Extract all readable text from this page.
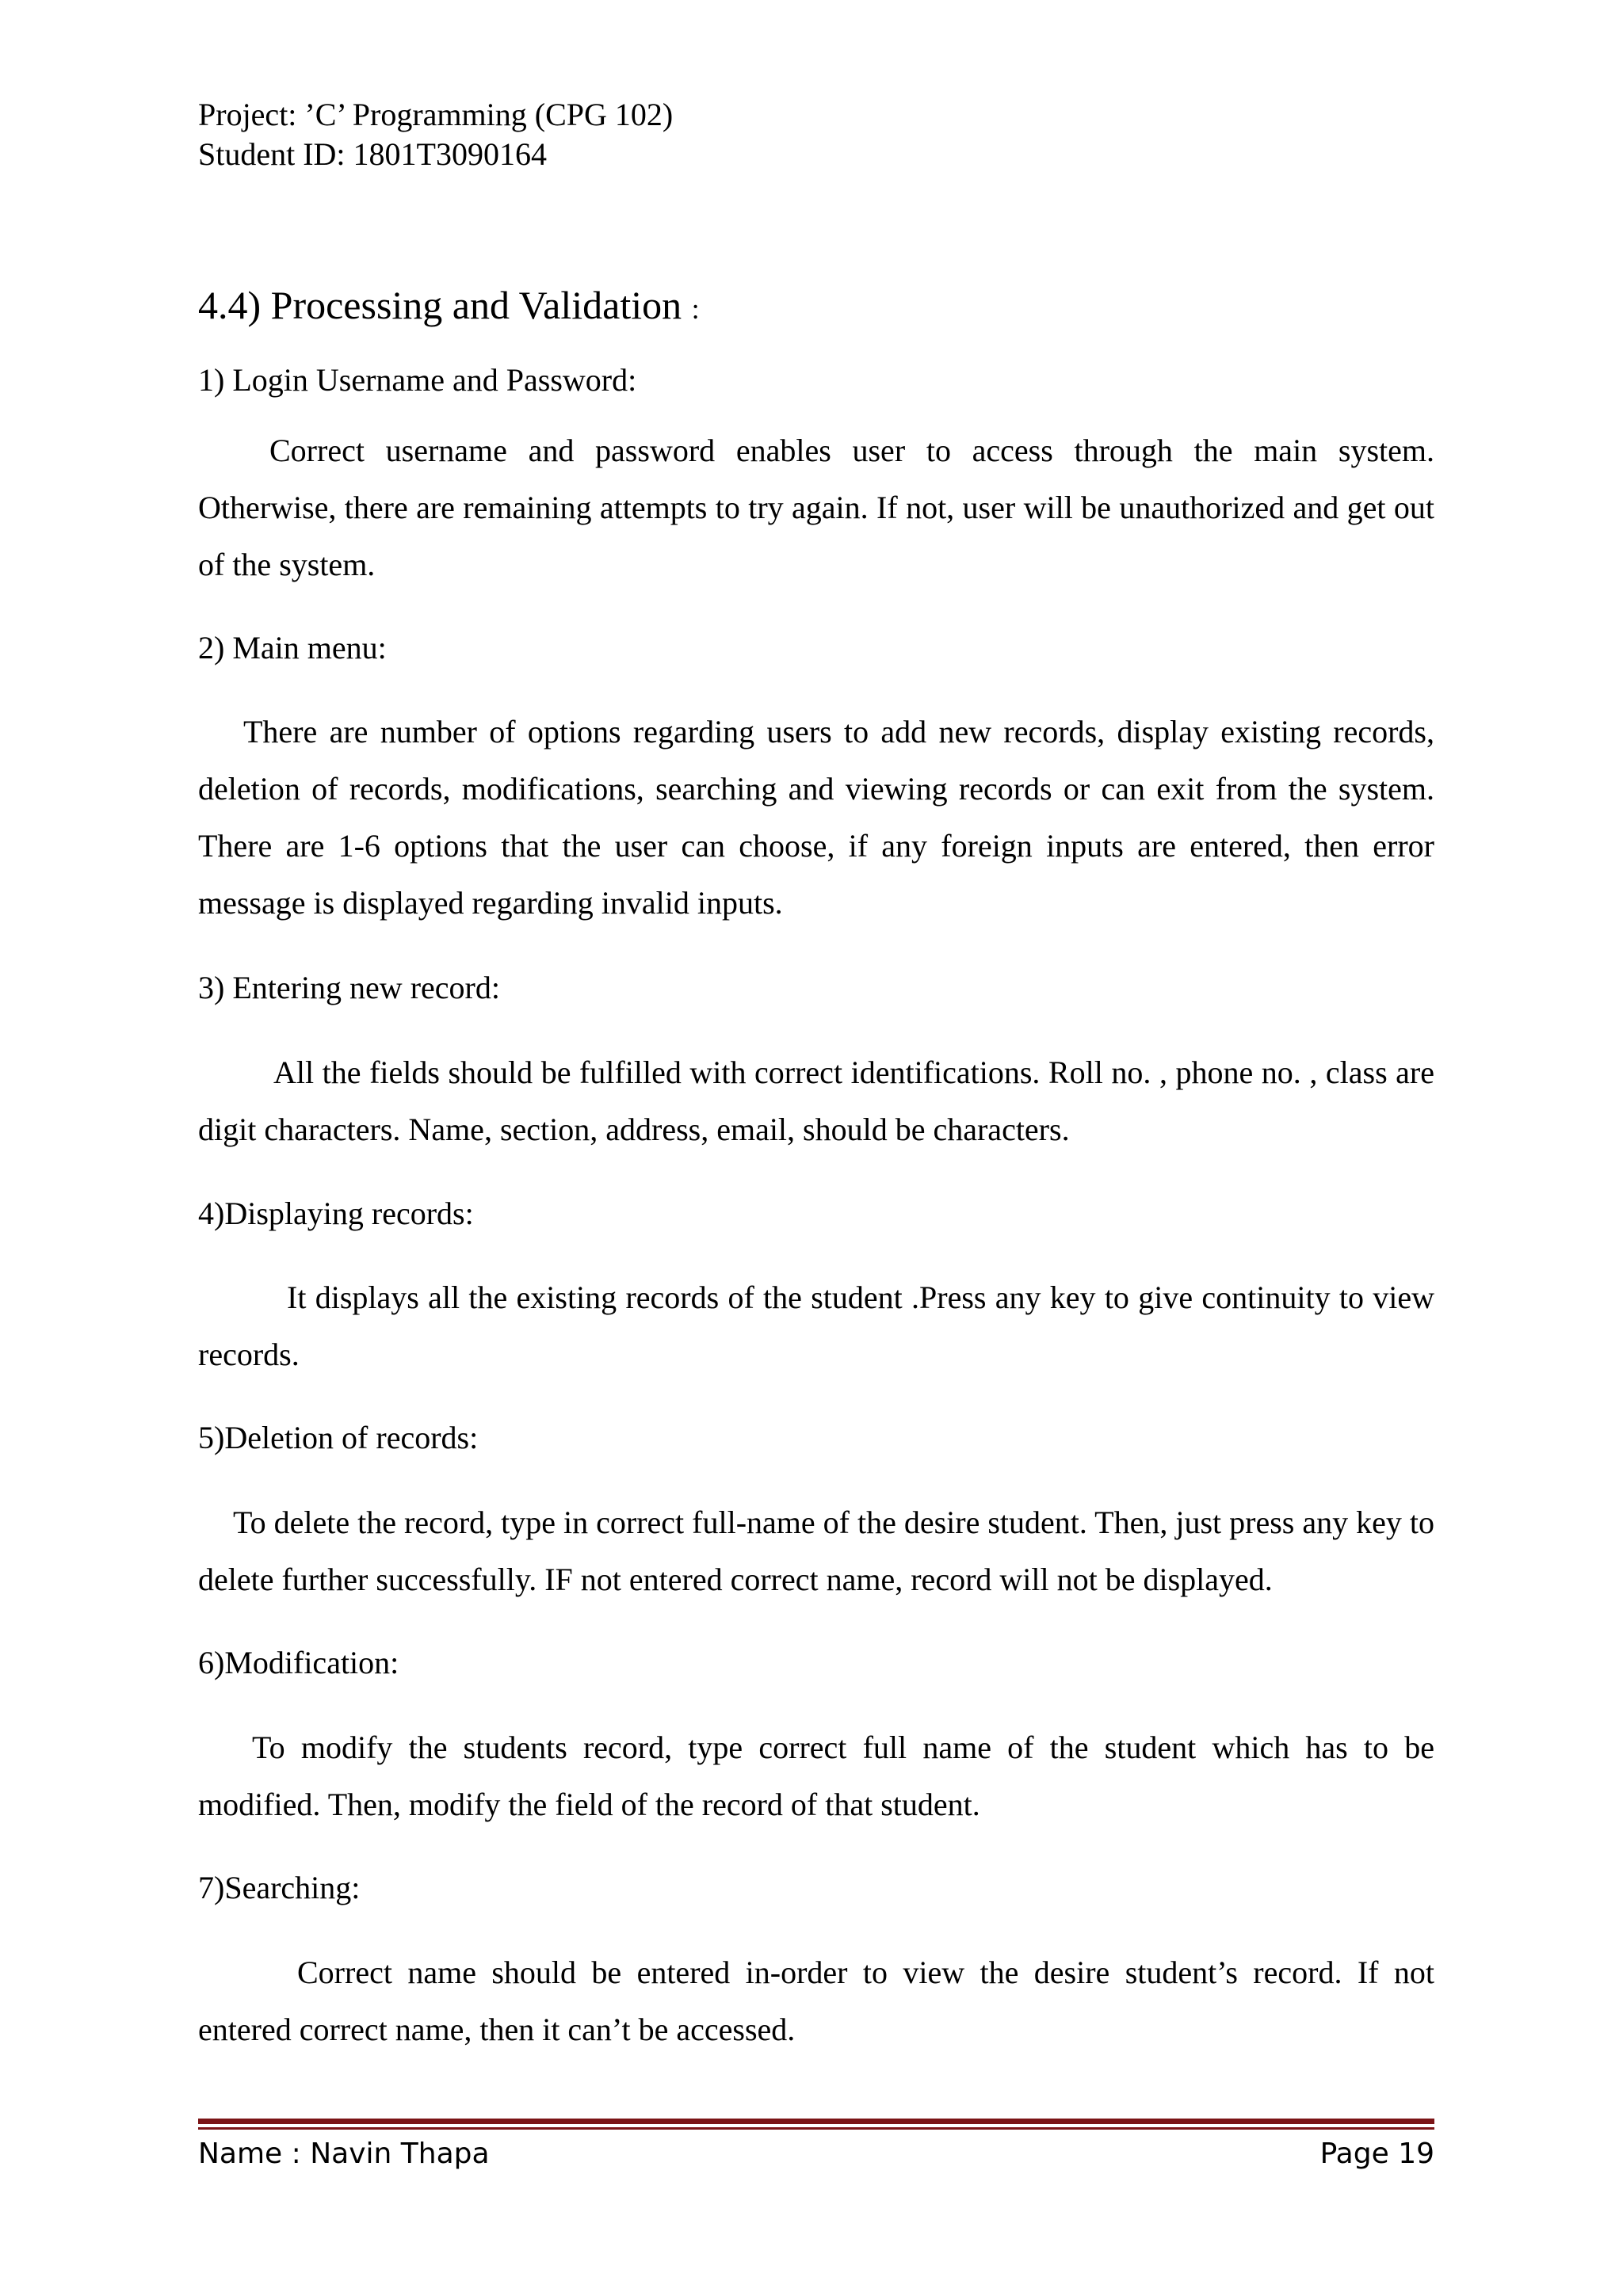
Project: ’C’ Programming (CPG 102)
Student ID: 1801T3090164
4.4) Processing and Validation :
1) Login Username and Password:
Correct username and password enables user to access through the main system. Otherwise, there are remaining attempts to try again. If not, user will be unauthorized and get out of the system.
2) Main menu:
There are number of options regarding users to add new records, display existing records, deletion of records, modifications, searching and viewing records or can exit from the system. There are 1-6 options that the user can choose, if any foreign inputs are entered, then error message is displayed regarding invalid inputs.
3) Entering new record:
All the fields should be fulfilled with correct identifications. Roll no. , phone no. , class are digit characters. Name, section, address, email, should be characters.
4)Displaying records:
It displays all the existing records of the student .Press any key to give continuity to view records.
5)Deletion of records:
To delete the record, type in correct full-name of the desire student. Then, just press any key to delete further successfully. IF not entered correct name, record will not be displayed.
6)Modification:
To modify the students record, type correct full name of the student which has to be modified. Then, modify the field of the record of that student.
7)Searching:
Correct name should be entered in-order to view the desire student’s record. If not entered correct name, then it can’t be accessed.
Name : Navin Thapa	Page 19
